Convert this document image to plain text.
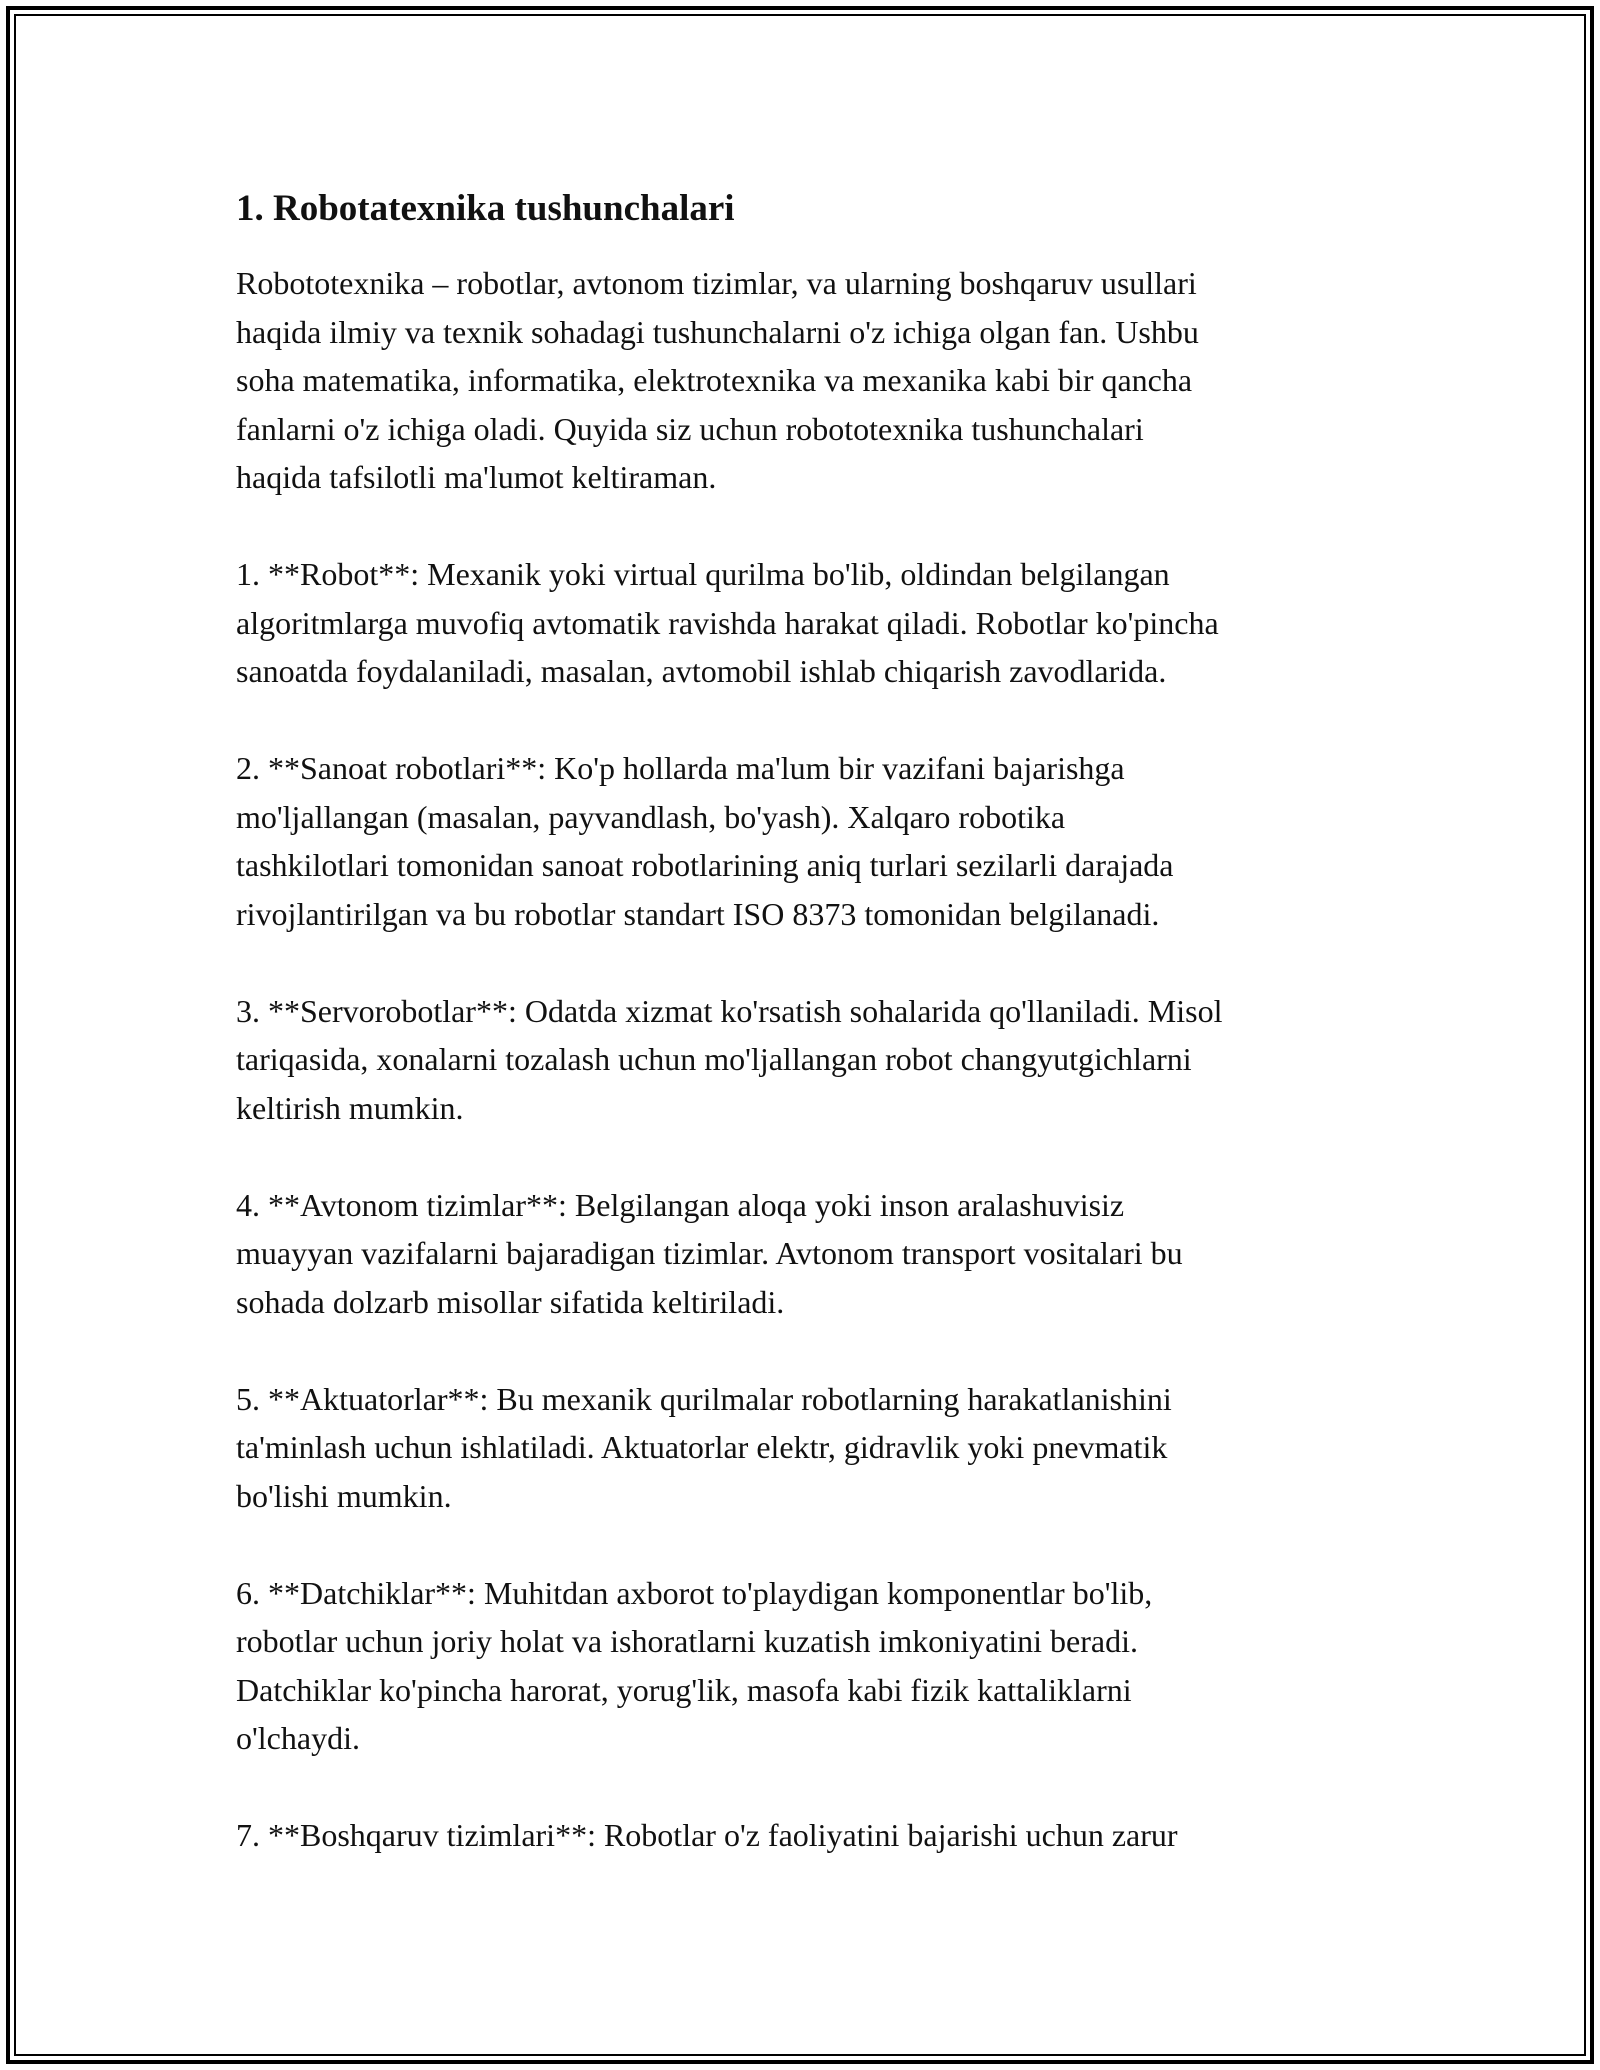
1. Robotatexnika tushunchalari

Robototexnika – robotlar, avtonom tizimlar, va ularning boshqaruv usullari
haqida ilmiy va texnik sohadagi tushunchalarni o'z ichiga olgan fan. Ushbu
soha matematika, informatika, elektrotexnika va mexanika kabi bir qancha
fanlarni o'z ichiga oladi. Quyida siz uchun robototexnika tushunchalari
haqida tafsilotli ma'lumot keltiraman.

1. **Robot**: Mexanik yoki virtual qurilma bo'lib, oldindan belgilangan
algoritmlarga muvofiq avtomatik ravishda harakat qiladi. Robotlar ko'pincha
sanoatda foydalaniladi, masalan, avtomobil ishlab chiqarish zavodlarida.

2. **Sanoat robotlari**: Ko'p hollarda ma'lum bir vazifani bajarishga
mo'ljallangan (masalan, payvandlash, bo'yash). Xalqaro robotika
tashkilotlari tomonidan sanoat robotlarining aniq turlari sezilarli darajada
rivojlantirilgan va bu robotlar standart ISO 8373 tomonidan belgilanadi.

3. **Servorobotlar**: Odatda xizmat ko'rsatish sohalarida qo'llaniladi. Misol
tariqasida, xonalarni tozalash uchun mo'ljallangan robot changyutgichlarni
keltirish mumkin.

4. **Avtonom tizimlar**: Belgilangan aloqa yoki inson aralashuvisiz
muayyan vazifalarni bajaradigan tizimlar. Avtonom transport vositalari bu
sohada dolzarb misollar sifatida keltiriladi.

5. **Aktuatorlar**: Bu mexanik qurilmalar robotlarning harakatlanishini
ta'minlash uchun ishlatiladi. Aktuatorlar elektr, gidravlik yoki pnevmatik
bo'lishi mumkin.

6. **Datchiklar**: Muhitdan axborot to'playdigan komponentlar bo'lib,
robotlar uchun joriy holat va ishoratlarni kuzatish imkoniyatini beradi.
Datchiklar ko'pincha harorat, yorug'lik, masofa kabi fizik kattaliklarni
o'lchaydi.

7. **Boshqaruv tizimlari**: Robotlar o'z faoliyatini bajarishi uchun zarur
